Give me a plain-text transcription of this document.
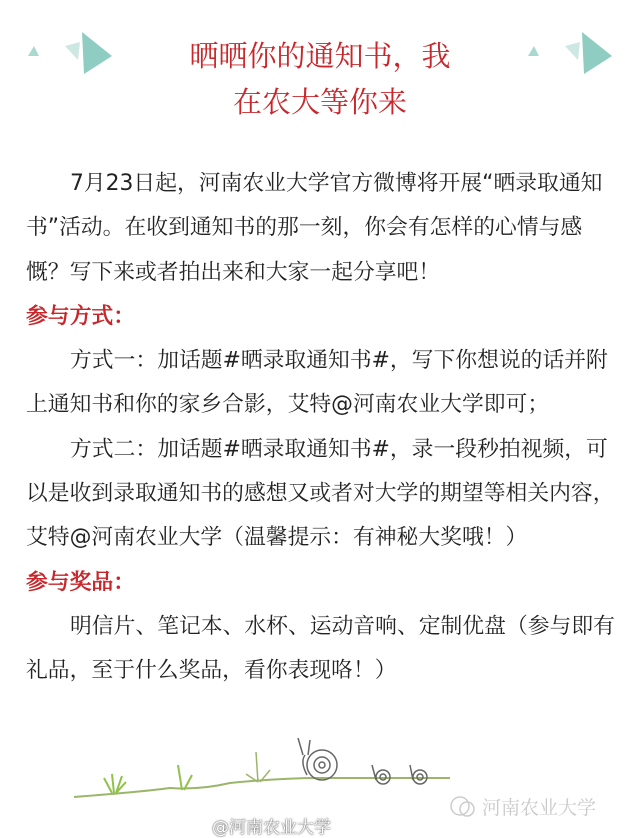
晒晒你的通知书，我
在农大等你来

7月23日起，河南农业大学官方微博将开展“晒录取通知书”活动。在收到通知书的那一刻，你会有怎样的心情与感慨？写下来或者拍出来和大家一起分享吧！

参与方式：

方式一：加话题#晒录取通知书#，写下你想说的话并附上通知书和你的家乡合影，艾特@河南农业大学即可；

方式二：加话题#晒录取通知书#，录一段秒拍视频，可以是收到录取通知书的感想又或者对大学的期望等相关内容，艾特@河南农业大学（温馨提示：有神秘大奖哦！）

参与奖品：

明信片、笔记本、水杯、运动音响、定制优盘（参与即有礼品，至于什么奖品，看你表现咯！）

河南农业大学
@河南农业大学
